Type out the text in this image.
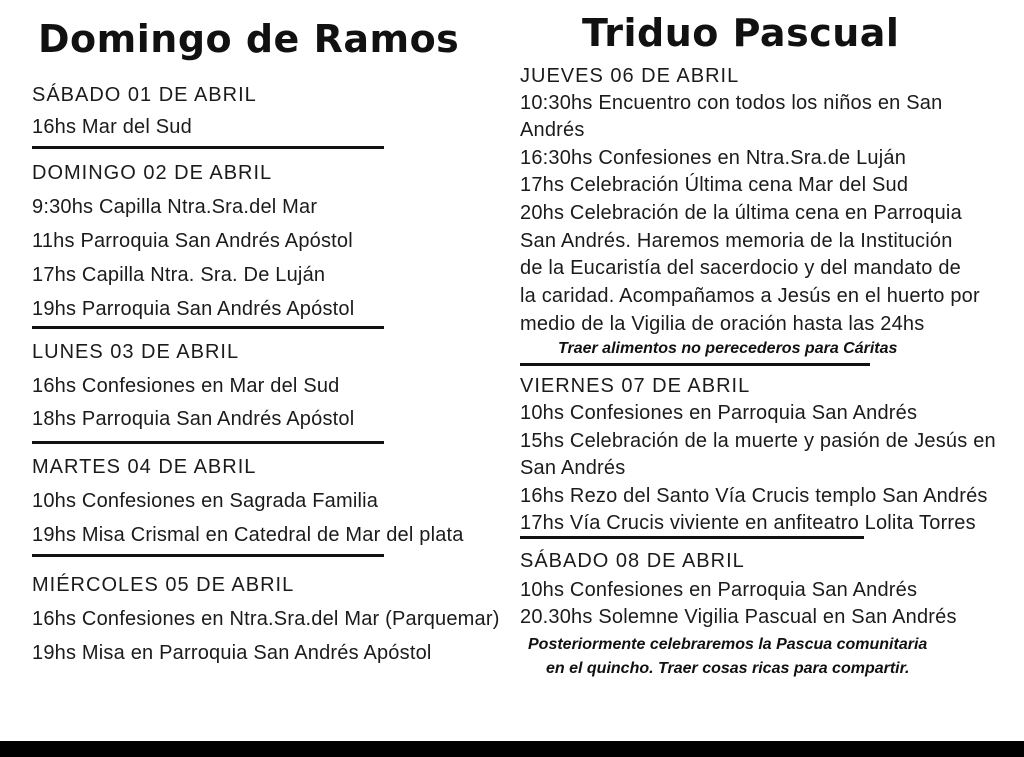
Domingo de Ramos
SÁBADO 01 DE ABRIL
16hs Mar del Sud
DOMINGO 02 DE ABRIL
9:30hs Capilla Ntra.Sra.del Mar
11hs Parroquia San Andrés Apóstol
17hs Capilla Ntra. Sra. De Luján
19hs Parroquia San Andrés Apóstol
LUNES 03 DE ABRIL
16hs Confesiones en Mar del Sud
18hs Parroquia San Andrés Apóstol
MARTES 04 DE ABRIL
10hs Confesiones en Sagrada Familia
19hs Misa Crismal en Catedral de Mar del plata
MIÉRCOLES 05 DE ABRIL
16hs Confesiones en Ntra.Sra.del Mar (Parquemar)
19hs Misa en Parroquia San Andrés Apóstol
Triduo Pascual
JUEVES 06 DE ABRIL
10:30hs Encuentro con todos los niños en San
Andrés
16:30hs Confesiones en Ntra.Sra.de Luján
17hs Celebración Última cena Mar del Sud
20hs Celebración de la última cena en Parroquia
San Andrés. Haremos memoria de la Institución
de la Eucaristía del sacerdocio y del mandato de
la caridad. Acompañamos a Jesús en el huerto por
medio de la Vigilia de oración hasta las 24hs
Traer alimentos no perecederos para Cáritas
VIERNES 07 DE ABRIL
10hs Confesiones en Parroquia San Andrés
15hs Celebración de la muerte y pasión de Jesús en
San Andrés
16hs Rezo del Santo Vía Crucis templo San Andrés
17hs Vía Crucis viviente en anfiteatro Lolita Torres
SÁBADO 08 DE ABRIL
10hs Confesiones en Parroquia San Andrés
20.30hs Solemne Vigilia Pascual en San Andrés
Posteriormente celebraremos la Pascua comunitaria
en el quincho. Traer cosas ricas para compartir.
